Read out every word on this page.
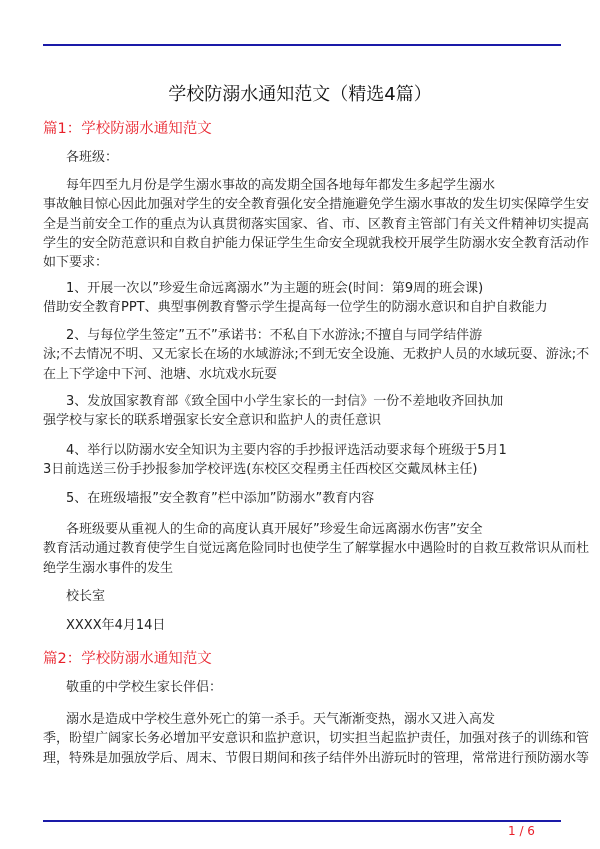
学校防溺水通知范文（精选4篇）
篇1：学校防溺水通知范文
各班级：
每年四至九月份是学生溺水事故的高发期全国各地每年都发生多起学生溺水
事故触目惊心因此加强对学生的安全教育强化安全措施避免学生溺水事故的发生切实保障学生安
全是当前安全工作的重点为认真贯彻落实国家、省、市、区教育主管部门有关文件精神切实提高
学生的安全防范意识和自救自护能力保证学生生命安全现就我校开展学生防溺水安全教育活动作
如下要求：
1、开展一次以”珍爱生命远离溺水”为主题的班会(时间：第9周的班会课)
借助安全教育PPT、典型事例教育警示学生提高每一位学生的防溺水意识和自护自救能力
2、与每位学生签定”五不”承诺书：不私自下水游泳;不擅自与同学结伴游
泳;不去情况不明、又无家长在场的水域游泳;不到无安全设施、无救护人员的水域玩耍、游泳;不
在上下学途中下河、池塘、水坑戏水玩耍
3、发放国家教育部《致全国中小学生家长的一封信》一份不差地收齐回执加
强学校与家长的联系增强家长安全意识和监护人的责任意识
4、举行以防溺水安全知识为主要内容的手抄报评选活动要求每个班级于5月1
3日前选送三份手抄报参加学校评选(东校区交程勇主任西校区交戴凤林主任)
5、在班级墙报”安全教育”栏中添加”防溺水”教育内容
各班级要从重视人的生命的高度认真开展好”珍爱生命远离溺水伤害”安全
教育活动通过教育使学生自觉远离危险同时也使学生了解掌握水中遇险时的自救互救常识从而杜
绝学生溺水事件的发生
校长室
XXXX年4月14日
篇2：学校防溺水通知范文
敬重的中学校生家长伴侣：
溺水是造成中学校生意外死亡的第一杀手。天气渐渐变热，溺水又进入高发
季，盼望广阔家长务必增加平安意识和监护意识，切实担当起监护责任，加强对孩子的训练和管
理，特殊是加强放学后、周末、节假日期间和孩子结伴外出游玩时的管理，常常进行预防溺水等
1 / 6
